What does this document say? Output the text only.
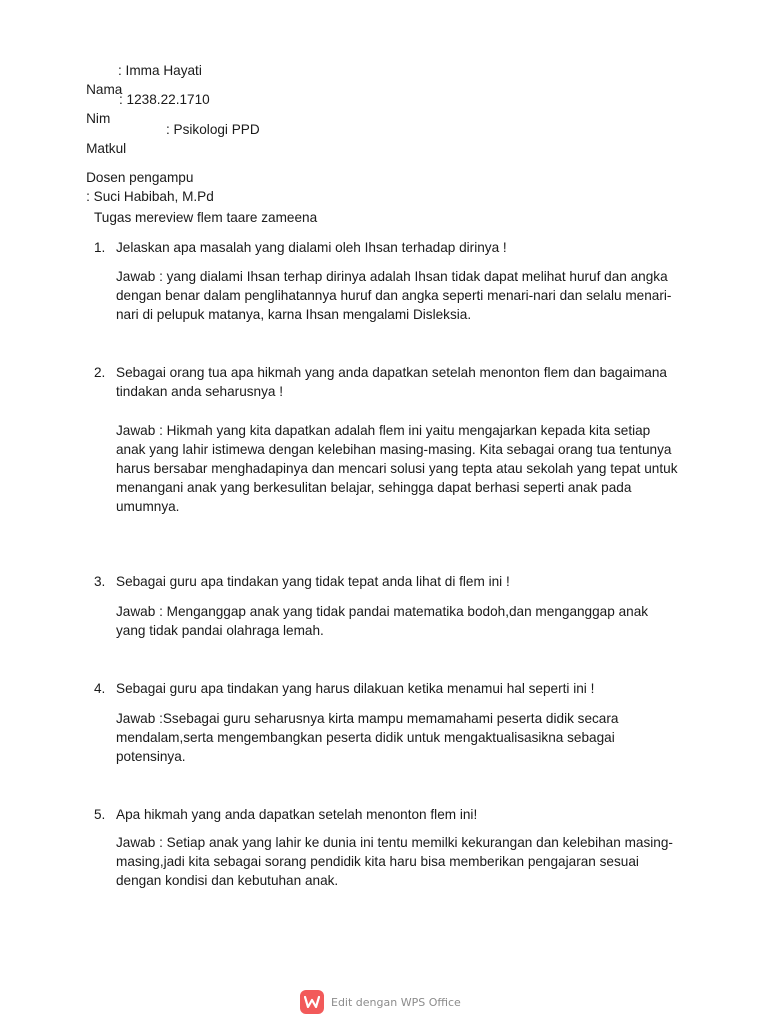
Nama

: Imma Hayati

Nim

: 1238.22.1710

Matkul

: Psikologi PPD

Dosen pengampu
: Suci Habibah, M.Pd

Tugas mereview flem taare zameena
1. Jelaskan apa masalah yang dialami oleh Ihsan terhadap dirinya !
Jawab : yang dialami Ihsan terhap dirinya adalah Ihsan tidak dapat melihat huruf dan angka dengan benar dalam penglihatannya huruf dan angka seperti menari-nari dan selalu menari-nari di pelupuk matanya, karna Ihsan mengalami Disleksia.
2. Sebagai orang tua apa hikmah yang anda dapatkan setelah menonton flem dan bagaimana tindakan anda seharusnya !
Jawab : Hikmah yang kita dapatkan adalah flem ini yaitu mengajarkan kepada kita setiap anak yang lahir istimewa dengan kelebihan masing-masing. Kita sebagai orang tua tentunya harus bersabar menghadapinya dan mencari solusi yang tepta atau sekolah yang tepat untuk menangani anak yang berkesulitan belajar, sehingga dapat berhasi seperti anak pada umumnya.
3. Sebagai guru apa tindakan yang tidak tepat anda lihat di flem ini !
Jawab : Menganggap anak yang tidak pandai matematika bodoh,dan menganggap anak yang tidak pandai olahraga lemah.
4. Sebagai guru apa tindakan yang harus dilakuan ketika menamui hal seperti ini !
Jawab :Ssebagai guru seharusnya kirta mampu memamahami peserta didik secara mendalam,serta mengembangkan peserta didik untuk mengaktualisasikna sebagai potensinya.
5. Apa hikmah yang anda dapatkan setelah menonton flem ini!
Jawab : Setiap anak yang lahir ke dunia ini tentu memilki kekurangan dan kelebihan masing-masing,jadi kita sebagai sorang pendidik kita haru bisa memberikan pengajaran sesuai dengan kondisi dan kebutuhan anak.
Edit dengan WPS Office
